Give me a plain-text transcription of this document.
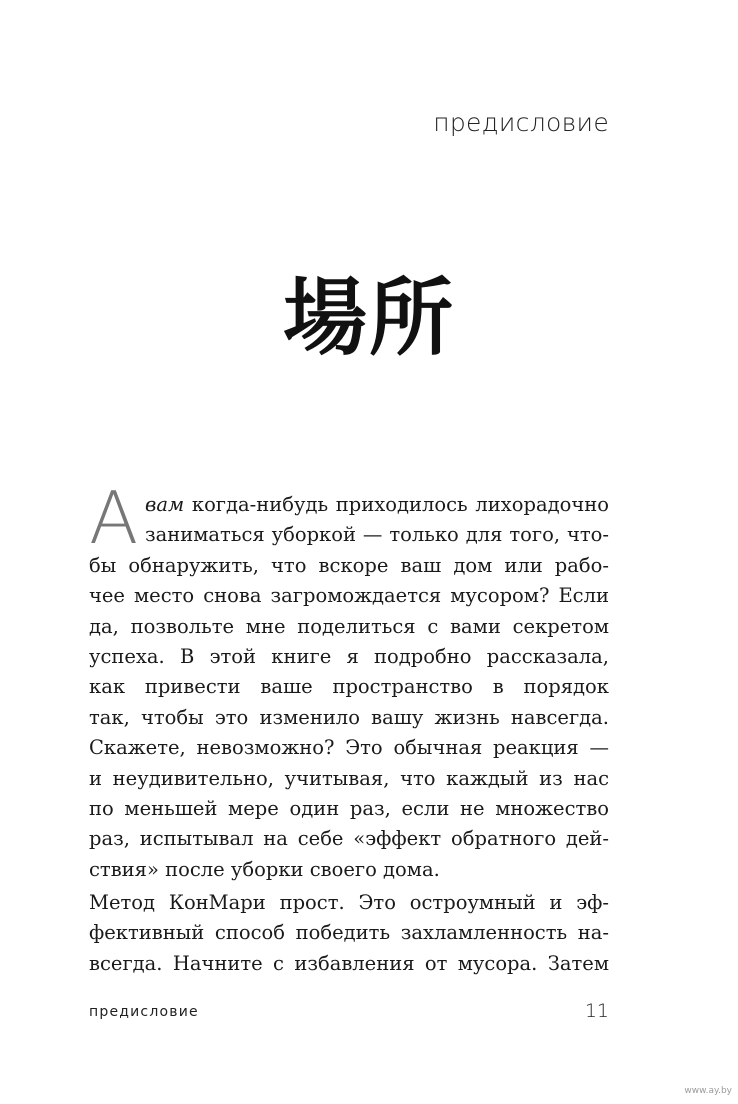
предисловие
場所
А вам когда-нибудь приходилось лихорадочно
заниматься уборкой — только для того, что-
бы обнаружить, что вскоре ваш дом или рабо-
чее место снова загромождается мусором? Если
да, позвольте мне поделиться с вами секретом
успеха. В этой книге я подробно рассказала,
как привести ваше пространство в порядок
так, чтобы это изменило вашу жизнь навсегда.
Скажете, невозможно? Это обычная реакция —
и неудивительно, учитывая, что каждый из нас
по меньшей мере один раз, если не множество
раз, испытывал на себе «эффект обратного дей-
ствия» после уборки своего дома.
Метод КонМари прост. Это остроумный и эф-
фективный способ победить захламленность на-
всегда. Начните с избавления от мусора. Затем
предисловие	11
www.ay.by
